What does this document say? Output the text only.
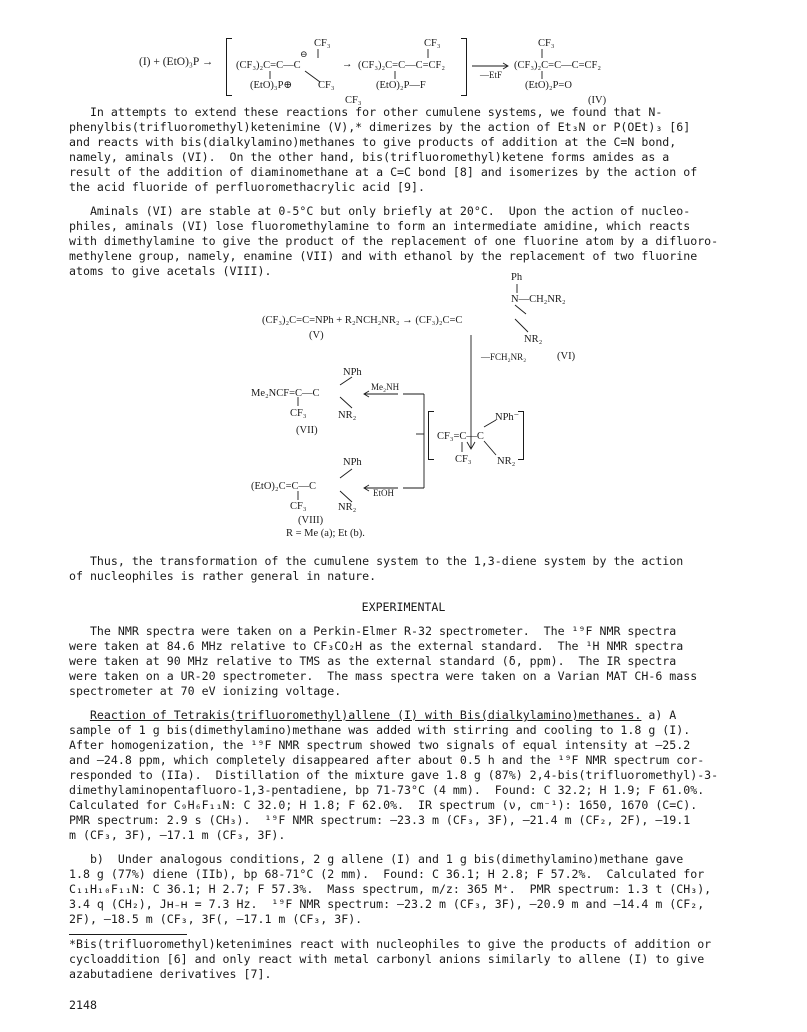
(I) + (EtO)₃P →
CF₃
(CF₃)₂C=C—C
⊖
(EtO)₃P⊕ CF₃
→
CF₃
(CF₃)₂C=C—C=CF₂
(EtO)₂P—F
CF₃
—EtF
CF₃
(CF₃)₂C=C—C=CF₂
(EtO)₂P=O
(IV)
In attempts to extend these reactions for other cumulene systems, we found that N-
phenylbis(trifluoromethyl)ketenimine (V),* dimerizes by the action of Et₃N or P(OEt)₃ [6]
and reacts with bis(dialkylamino)methanes to give products of addition at the C=N bond,
namely, aminals (VI).  On the other hand, bis(trifluoromethyl)ketene forms amides as a
result of the addition of diaminomethane at a C=C bond [8] and isomerizes by the action of
the acid fluoride of perfluoromethacrylic acid [9].
Aminals (VI) are stable at 0-5°C but only briefly at 20°C.  Upon the action of nucleo-
philes, aminals (VI) lose fluoromethylamine to form an intermediate amidine, which reacts
with dimethylamine to give the product of the replacement of one fluorine atom by a difluoro-
methylene group, namely, enamine (VII) and with ethanol by the replacement of two fluorine
atoms to give acetals (VIII).	Ph
N—CH₂NR₂
(CF₃)₂C=C=NPh + R₂NCH₂NR₂ → (CF₃)₂C=C
(V)	NR₂
—FCH₂NR₂	(VI)
NPh
Me₂NCF=C—C
Me₂NH
CF₃	NR₂
(VII)
NPh⁻
CF₃=C—C
CF₃ NR₂
NPh
(EtO)₂C=C—C
EtOH
CF₃	NR₂
(VIII)
R = Me (a); Et (b).
Thus, the transformation of the cumulene system to the 1,3-diene system by the action
of nucleophiles is rather general in nature.
EXPERIMENTAL
The NMR spectra were taken on a Perkin-Elmer R-32 spectrometer.  The ¹⁹F NMR spectra
were taken at 84.6 MHz relative to CF₃CO₂H as the external standard.  The ¹H NMR spectra
were taken at 90 MHz relative to TMS as the external standard (δ, ppm).  The IR spectra
were taken on a UR-20 spectrometer.  The mass spectra were taken on a Varian MAT CH-6 mass
spectrometer at 70 eV ionizing voltage.
Reaction of Tetrakis(trifluoromethyl)allene (I) with Bis(dialkylamino)methanes. a) A
sample of 1 g bis(dimethylamino)methane was added with stirring and cooling to 1.8 g (I).
After homogenization, the ¹⁹F NMR spectrum showed two signals of equal intensity at –25.2
and –24.8 ppm, which completely disappeared after about 0.5 h and the ¹⁹F NMR spectrum cor-
responded to (IIa).  Distillation of the mixture gave 1.8 g (87%) 2,4-bis(trifluoromethyl)-3-
dimethylaminopentafluoro-1,3-pentadiene, bp 71-73°C (4 mm).  Found: C 32.2; H 1.9; F 61.0%.
Calculated for C₉H₆F₁₁N: C 32.0; H 1.8; F 62.0%.  IR spectrum (ν, cm⁻¹): 1650, 1670 (C=C).
PMR spectrum: 2.9 s (CH₃).  ¹⁹F NMR spectrum: –23.3 m (CF₃, 3F), –21.4 m (CF₂, 2F), –19.1
m (CF₃, 3F), –17.1 m (CF₃, 3F).
b)  Under analogous conditions, 2 g allene (I) and 1 g bis(dimethylamino)methane gave
1.8 g (77%) diene (IIb), bp 68-71°C (2 mm).  Found: C 36.1; H 2.8; F 57.2%.  Calculated for
C₁₁H₁₀F₁₁N: C 36.1; H 2.7; F 57.3%.  Mass spectrum, m/z: 365 M⁺.  PMR spectrum: 1.3 t (CH₃),
3.4 q (CH₂), Jʜ₋ʜ = 7.3 Hz.  ¹⁹F NMR spectrum: –23.2 m (CF₃, 3F), –20.9 m and –14.4 m (CF₂,
2F), –18.5 m (CF₃, 3F(, –17.1 m (CF₃, 3F).
*Bis(trifluoromethyl)ketenimines react with nucleophiles to give the products of addition or
cycloaddition [6] and only react with metal carbonyl anions similarly to allene (I) to give
azabutadiene derivatives [7].
2148
